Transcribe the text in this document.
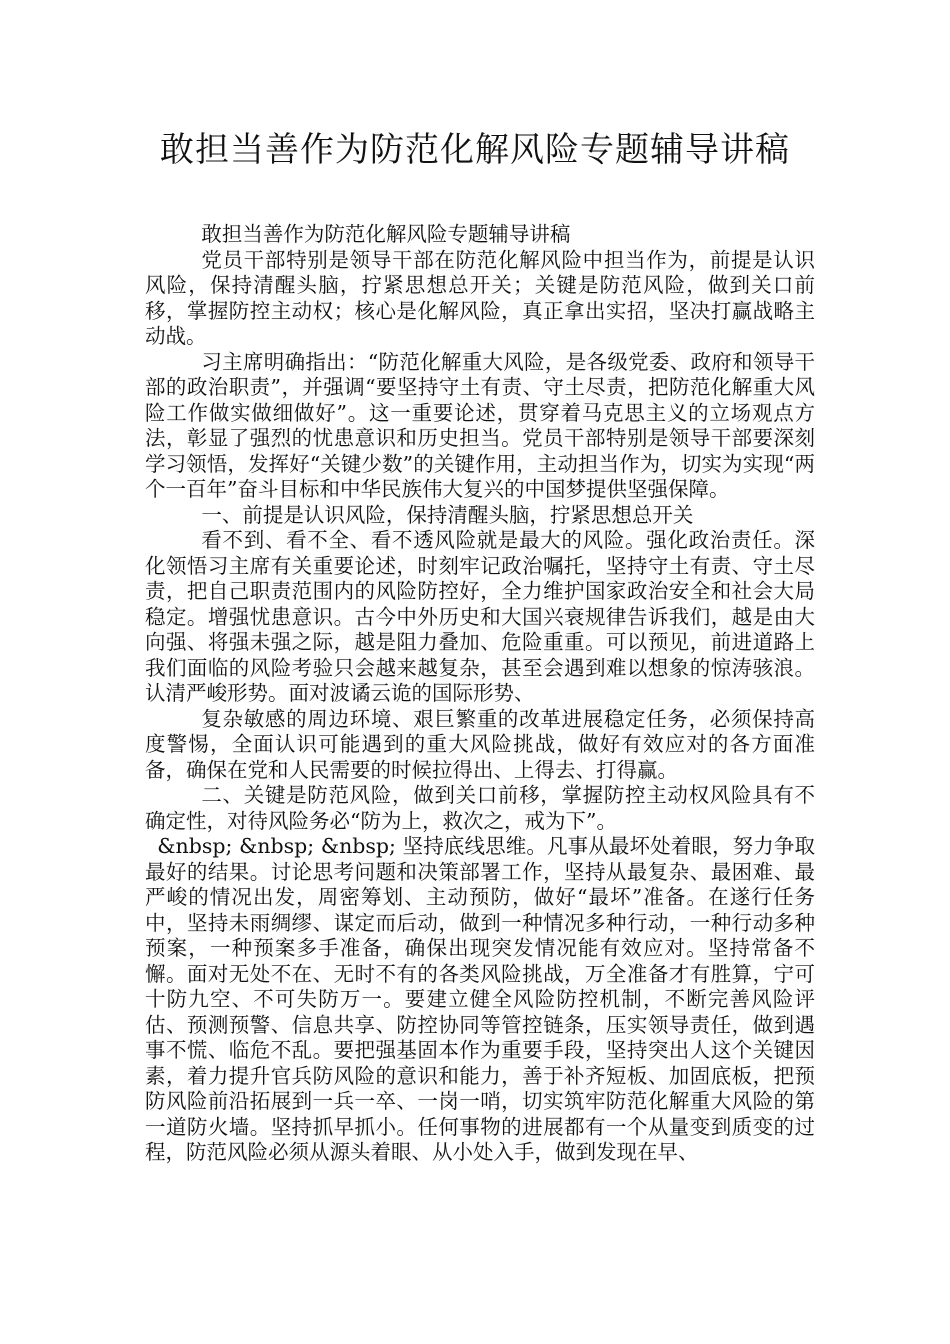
敢担当善作为防范化解风险专题辅导讲稿

敢担当善作为防范化解风险专题辅导讲稿

党员干部特别是领导干部在防范化解风险中担当作为，前提是认识风险，保持清醒头脑，拧紧思想总开关；关键是防范风险，做到关口前移，掌握防控主动权；核心是化解风险，真正拿出实招，坚决打赢战略主动战。

习主席明确指出：“防范化解重大风险，是各级党委、政府和领导干部的政治职责”，并强调“要坚持守土有责、守土尽责，把防范化解重大风险工作做实做细做好”。这一重要论述，贯穿着马克思主义的立场观点方法，彰显了强烈的忧患意识和历史担当。党员干部特别是领导干部要深刻学习领悟，发挥好“关键少数”的关键作用，主动担当作为，切实为实现“两个一百年”奋斗目标和中华民族伟大复兴的中国梦提供坚强保障。

一、前提是认识风险，保持清醒头脑，拧紧思想总开关

看不到、看不全、看不透风险就是最大的风险。强化政治责任。深化领悟习主席有关重要论述，时刻牢记政治嘱托，坚持守土有责、守土尽责，把自己职责范围内的风险防控好，全力维护国家政治安全和社会大局稳定。增强忧患意识。古今中外历史和大国兴衰规律告诉我们，越是由大向强、将强未强之际，越是阻力叠加、危险重重。可以预见，前进道路上我们面临的风险考验只会越来越复杂，甚至会遇到难以想象的惊涛骇浪。认清严峻形势。面对波谲云诡的国际形势、

复杂敏感的周边环境、艰巨繁重的改革进展稳定任务，必须保持高度警惕，全面认识可能遇到的重大风险挑战，做好有效应对的各方面准备，确保在党和人民需要的时候拉得出、上得去、打得赢。

二、关键是防范风险，做到关口前移，掌握防控主动权风险具有不确定性，对待风险务必“防为上，救次之，戒为下”。

&nbsp; &nbsp; &nbsp; 坚持底线思维。凡事从最坏处着眼，努力争取最好的结果。讨论思考问题和决策部署工作，坚持从最复杂、最困难、最严峻的情况出发，周密筹划、主动预防，做好“最坏”准备。在遂行任务中，坚持未雨绸缪、谋定而后动，做到一种情况多种行动，一种行动多种预案，一种预案多手准备，确保出现突发情况能有效应对。坚持常备不懈。面对无处不在、无时不有的各类风险挑战，万全准备才有胜算，宁可十防九空、不可失防万一。要建立健全风险防控机制，不断完善风险评估、预测预警、信息共享、防控协同等管控链条，压实领导责任，做到遇事不慌、临危不乱。要把强基固本作为重要手段，坚持突出人这个关键因素，着力提升官兵防风险的意识和能力，善于补齐短板、加固底板，把预防风险前沿拓展到一兵一卒、一岗一哨，切实筑牢防范化解重大风险的第一道防火墙。坚持抓早抓小。任何事物的进展都有一个从量变到质变的过程，防范风险必须从源头着眼、从小处入手，做到发现在早、
